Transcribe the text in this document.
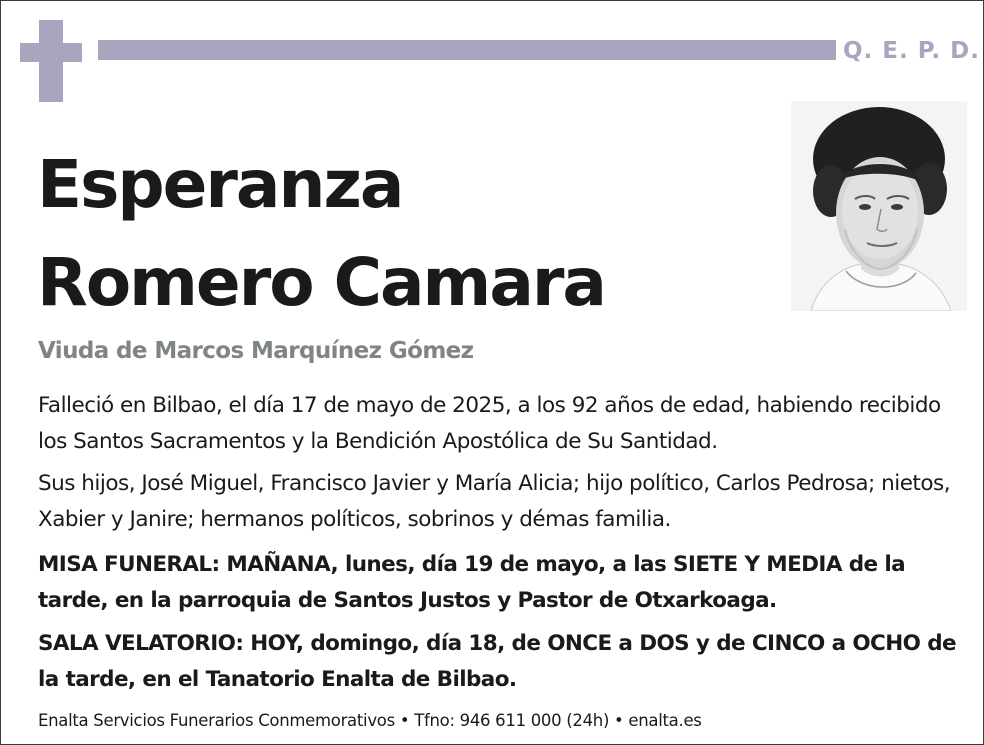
Q. E. P. D.
Esperanza
Romero Camara
Viuda de Marcos Marquínez Gómez

Falleció en Bilbao, el día 17 de mayo de 2025, a los 92 años de edad, habiendo recibido los Santos Sacramentos y la Bendición Apostólica de Su Santidad.

Sus hijos, José Miguel, Francisco Javier y María Alicia; hijo político, Carlos Pedrosa; nietos, Xabier y Janire; hermanos políticos, sobrinos y démas familia.

MISA FUNERAL: MAÑANA, lunes, día 19 de mayo, a las SIETE Y MEDIA de la tarde, en la parroquia de Santos Justos y Pastor de Otxarkoaga.

SALA VELATORIO: HOY, domingo, día 18, de ONCE a DOS y de CINCO a OCHO de la tarde, en el Tanatorio Enalta de Bilbao.

Enalta Servicios Funerarios Conmemorativos • Tfno: 946 611 000 (24h) • enalta.es
